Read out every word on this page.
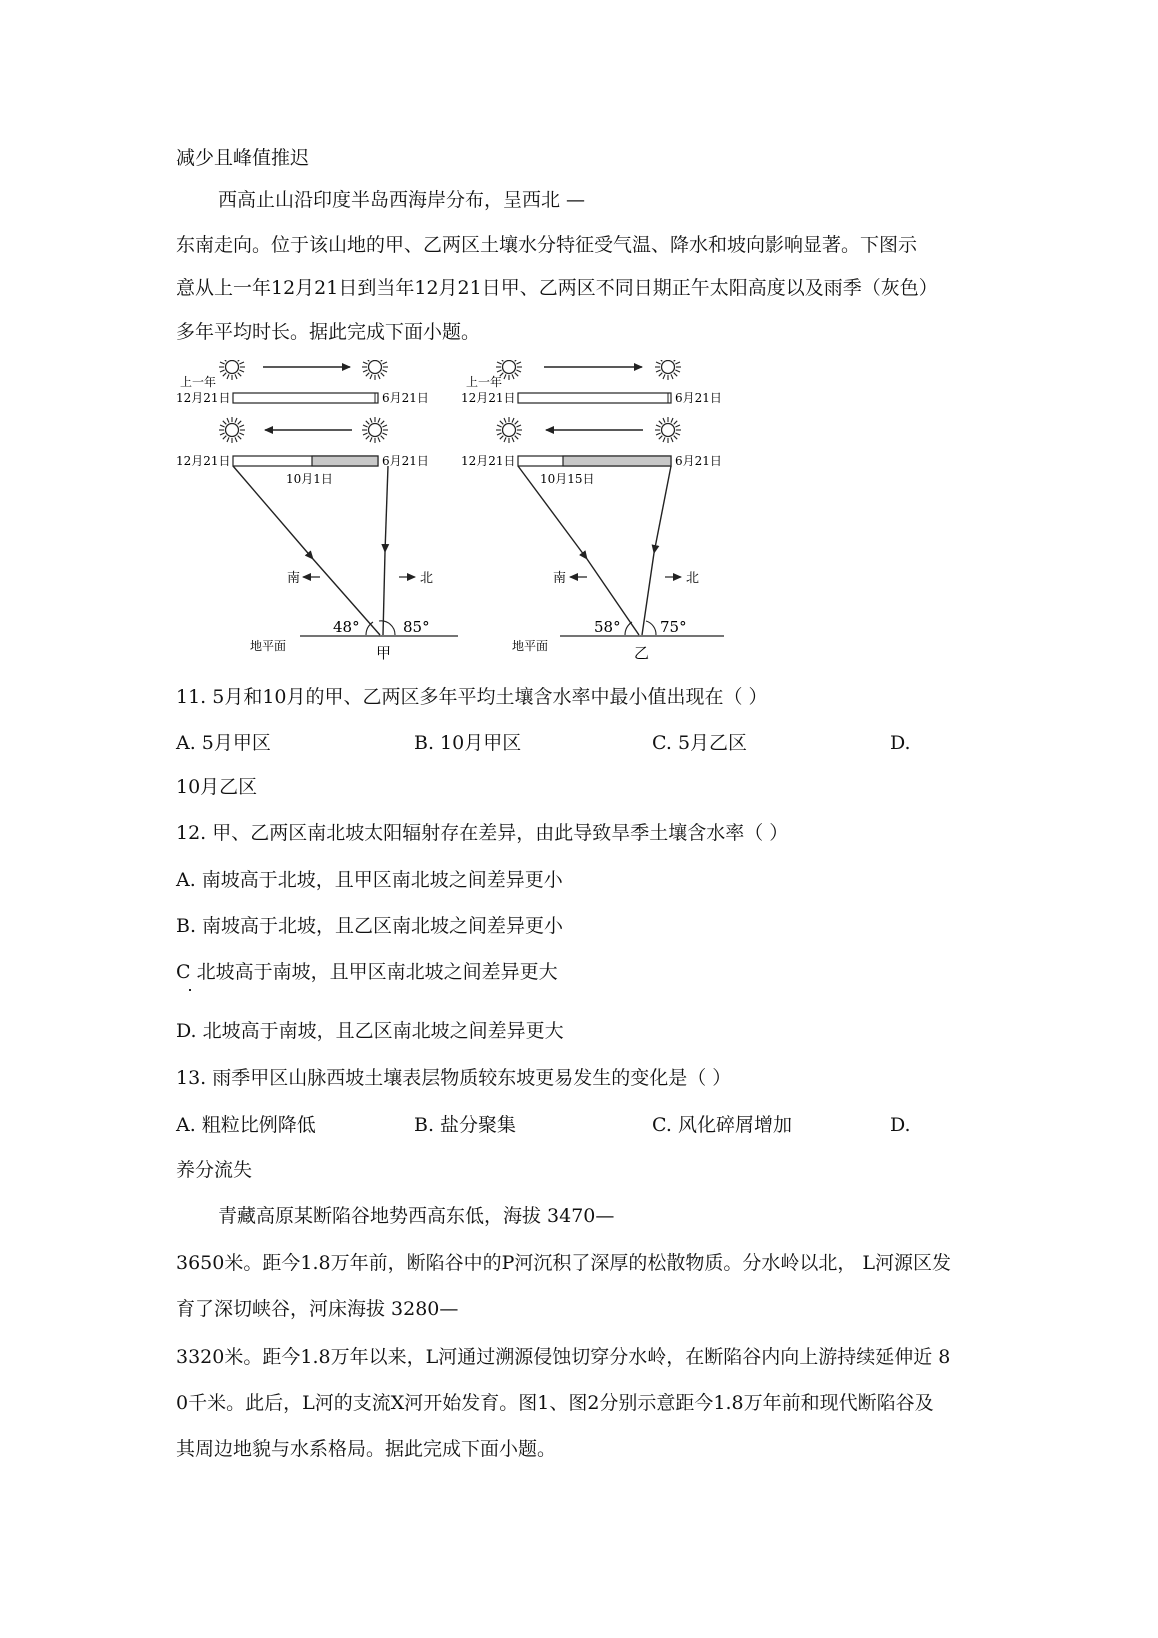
减少且峰值推迟
西高止山沿印度半岛西海岸分布，呈西北 —
东南走向。位于该山地的甲、乙两区土壤水分特征受气温、降水和坡向影响显著。下图示
意从上一年12月21日到当年12月21日甲、乙两区不同日期正午太阳高度以及雨季（灰色）
多年平均时长。据此完成下面小题。
上一年
12月21日	6月21日
12月21日	6月21日
10月1日
南	北
48°	85°
地平面	甲
上一年
12月21日	6月21日
12月21日	6月21日
10月15日
南	北
58°	75°
地平面	乙
11. 5月和10月的甲、乙两区多年平均土壤含水率中最小值出现在（ ）
A. 5月甲区	B. 10月甲区	C. 5月乙区	D.
10月乙区
12. 甲、乙两区南北坡太阳辐射存在差异，由此导致旱季土壤含水率（ ）
A. 南坡高于北坡，且甲区南北坡之间差异更小
B. 南坡高于北坡，且乙区南北坡之间差异更小
C 北坡高于南坡，且甲区南北坡之间差异更大
D. 北坡高于南坡，且乙区南北坡之间差异更大
13. 雨季甲区山脉西坡土壤表层物质较东坡更易发生的变化是（ ）
A. 粗粒比例降低	B. 盐分聚集	C. 风化碎屑增加	D.
养分流失
青藏高原某断陷谷地势西高东低，海拔 3470—
3650米。距今1.8万年前，断陷谷中的P河沉积了深厚的松散物质。分水岭以北， L河源区发
育了深切峡谷，河床海拔 3280—
3320米。距今1.8万年以来，L河通过溯源侵蚀切穿分水岭，在断陷谷内向上游持续延伸近 8
0千米。此后，L河的支流X河开始发育。图1、图2分别示意距今1.8万年前和现代断陷谷及
其周边地貌与水系格局。据此完成下面小题。
